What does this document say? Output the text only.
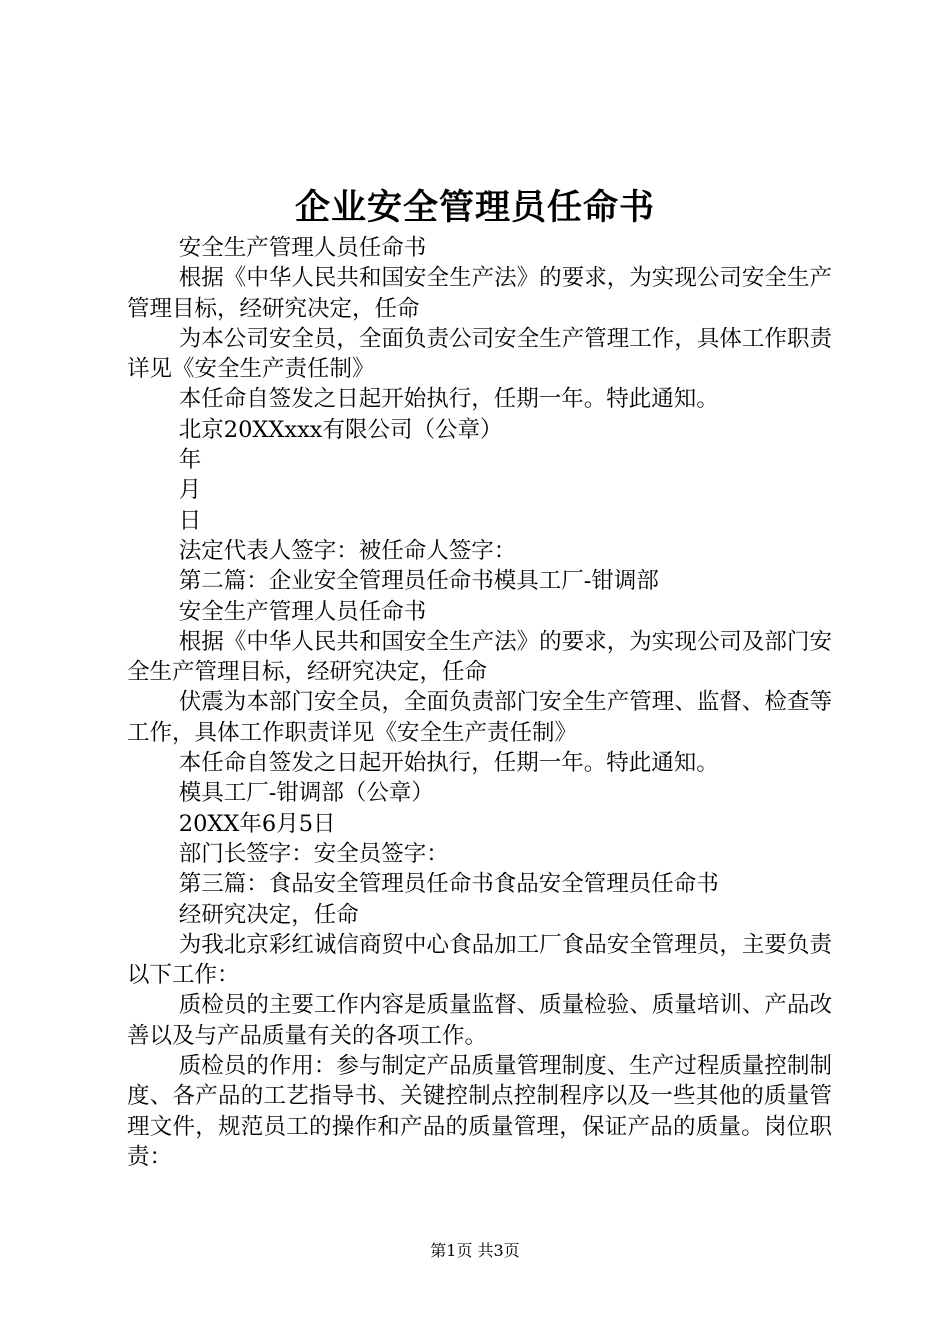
企业安全管理员任命书

安全生产管理人员任命书

根据《中华人民共和国安全生产法》的要求，为实现公司安全生产管理目标，经研究决定，任命

为本公司安全员，全面负责公司安全生产管理工作，具体工作职责详见《安全生产责任制》

本任命自签发之日起开始执行，任期一年。特此通知。

北京20XXxxx有限公司（公章）

年

月

日

法定代表人签字：被任命人签字：

第二篇：企业安全管理员任命书模具工厂-钳调部

安全生产管理人员任命书

根据《中华人民共和国安全生产法》的要求，为实现公司及部门安全生产管理目标，经研究决定，任命

伏震为本部门安全员，全面负责部门安全生产管理、监督、检查等工作，具体工作职责详见《安全生产责任制》

本任命自签发之日起开始执行，任期一年。特此通知。

模具工厂-钳调部（公章）

20XX年6月5日

部门长签字：安全员签字：

第三篇：食品安全管理员任命书食品安全管理员任命书

经研究决定，任命

为我北京彩红诚信商贸中心食品加工厂食品安全管理员，主要负责以下工作：

质检员的主要工作内容是质量监督、质量检验、质量培训、产品改善以及与产品质量有关的各项工作。

质检员的作用：参与制定产品质量管理制度、生产过程质量控制制度、各产品的工艺指导书、关键控制点控制程序以及一些其他的质量管理文件，规范员工的操作和产品的质量管理，保证产品的质量。岗位职责：

第1页 共3页
